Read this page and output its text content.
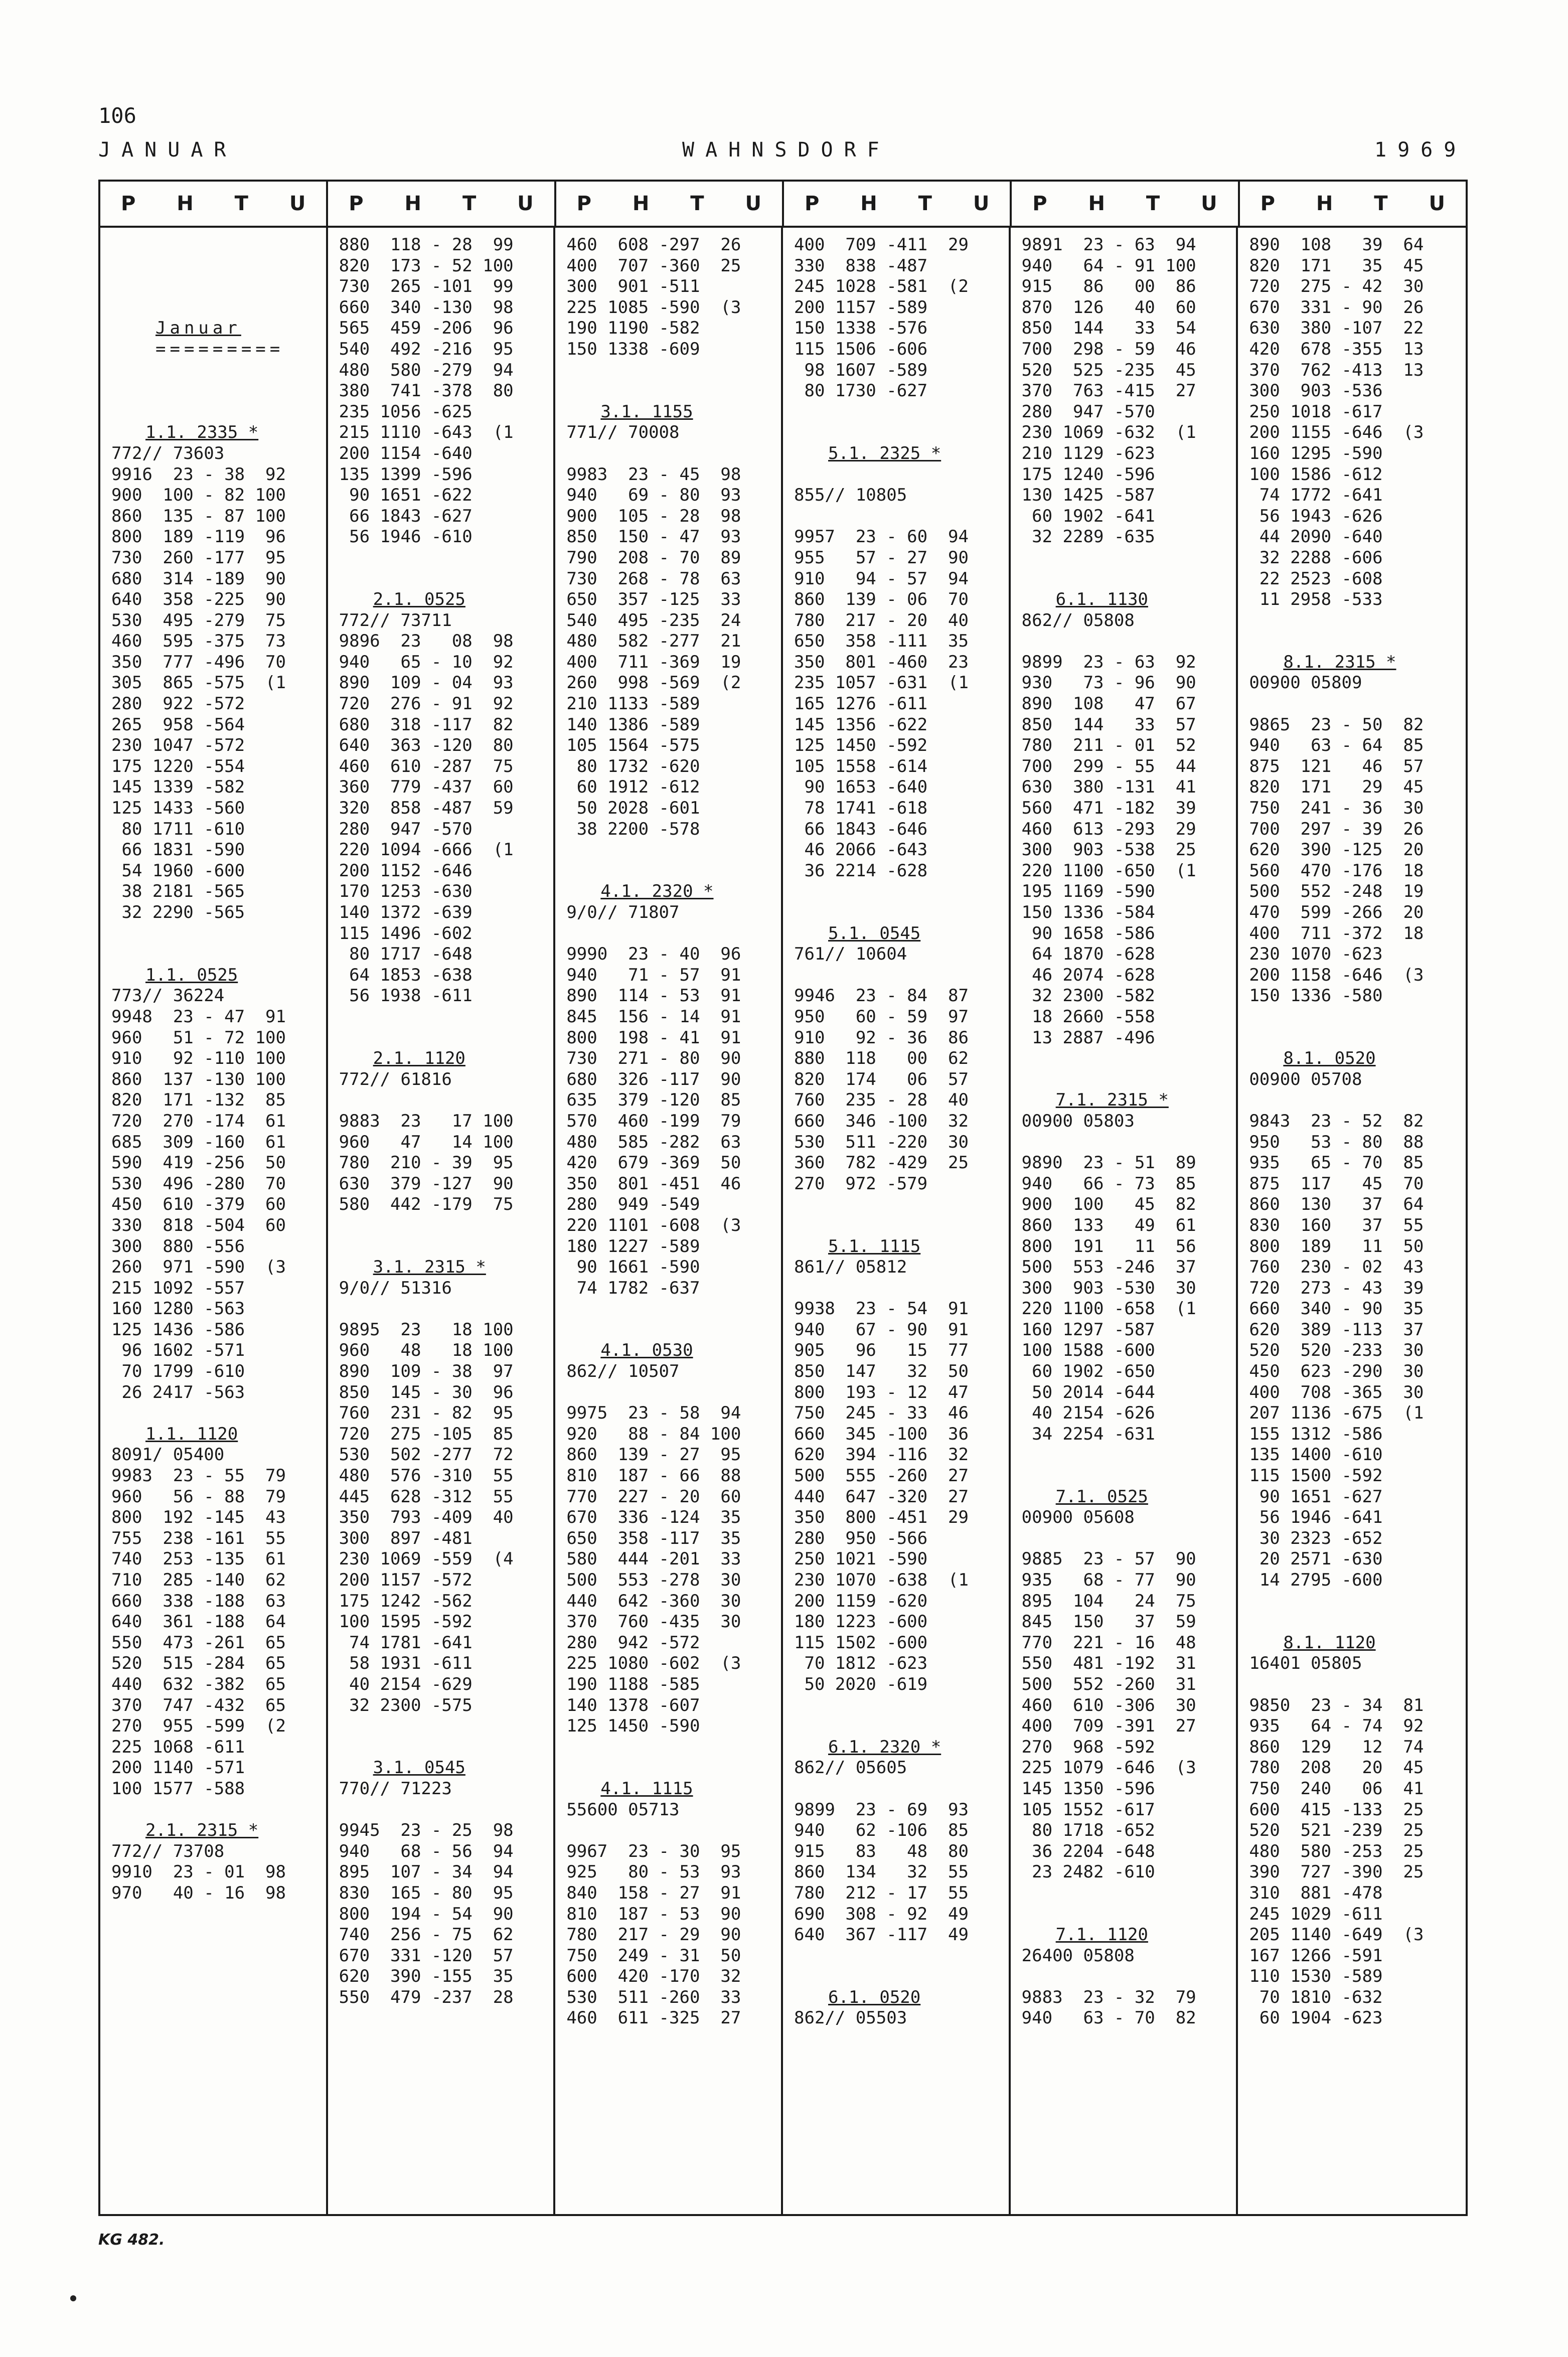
106
JANUAR	WAHNSDORF	1969
P H T U P H T U P H T U P H T U P H T U P H T U
Januar
=========
1.1. 2335 *
772// 73603
9916  23 - 38  92
900  100 - 82 100
860  135 - 87 100
800  189 -119  96
730  260 -177  95
680  314 -189  90
640  358 -225  90
530  495 -279  75
460  595 -375  73
350  777 -496  70
305  865 -575  (1
280  922 -572
265  958 -564
230 1047 -572
175 1220 -554
145 1339 -582
125 1433 -560
80 1711 -610
66 1831 -590
54 1960 -600
38 2181 -565
32 2290 -565
1.1. 0525
773// 36224
9948  23 - 47  91
960   51 - 72 100
910   92 -110 100
860  137 -130 100
820  171 -132  85
720  270 -174  61
685  309 -160  61
590  419 -256  50
530  496 -280  70
450  610 -379  60
330  818 -504  60
300  880 -556
260  971 -590  (3
215 1092 -557
160 1280 -563
125 1436 -586
96 1602 -571
70 1799 -610
26 2417 -563
1.1. 1120
8091/ 05400
9983  23 - 55  79
960   56 - 88  79
800  192 -145  43
755  238 -161  55
740  253 -135  61
710  285 -140  62
660  338 -188  63
640  361 -188  64
550  473 -261  65
520  515 -284  65
440  632 -382  65
370  747 -432  65
270  955 -599  (2
225 1068 -611
200 1140 -571
100 1577 -588
2.1. 2315 *
772// 73708
9910  23 - 01  98
970   40 - 16  98
880  118 - 28  99
820  173 - 52 100
730  265 -101  99
660  340 -130  98
565  459 -206  96
540  492 -216  95
480  580 -279  94
380  741 -378  80
235 1056 -625
215 1110 -643  (1
200 1154 -640
135 1399 -596
90 1651 -622
66 1843 -627
56 1946 -610
2.1. 0525
772// 73711
9896  23   08  98
940   65 - 10  92
890  109 - 04  93
720  276 - 91  92
680  318 -117  82
640  363 -120  80
460  610 -287  75
360  779 -437  60
320  858 -487  59
280  947 -570
220 1094 -666  (1
200 1152 -646
170 1253 -630
140 1372 -639
115 1496 -602
80 1717 -648
64 1853 -638
56 1938 -611
2.1. 1120
772// 61816
9883  23   17 100
960   47   14 100
780  210 - 39  95
630  379 -127  90
580  442 -179  75
3.1. 2315 *
9/0// 51316
9895  23   18 100
960   48   18 100
890  109 - 38  97
850  145 - 30  96
760  231 - 82  95
720  275 -105  85
530  502 -277  72
480  576 -310  55
445  628 -312  55
350  793 -409  40
300  897 -481
230 1069 -559  (4
200 1157 -572
175 1242 -562
100 1595 -592
74 1781 -641
58 1931 -611
40 2154 -629
32 2300 -575
3.1. 0545
770// 71223
9945  23 - 25  98
940   68 - 56  94
895  107 - 34  94
830  165 - 80  95
800  194 - 54  90
740  256 - 75  62
670  331 -120  57
620  390 -155  35
550  479 -237  28
460  608 -297  26
400  707 -360  25
300  901 -511
225 1085 -590  (3
190 1190 -582
150 1338 -609
3.1. 1155
771// 70008
9983  23 - 45  98
940   69 - 80  93
900  105 - 28  98
850  150 - 47  93
790  208 - 70  89
730  268 - 78  63
650  357 -125  33
540  495 -235  24
480  582 -277  21
400  711 -369  19
260  998 -569  (2
210 1133 -589
140 1386 -589
105 1564 -575
80 1732 -620
60 1912 -612
50 2028 -601
38 2200 -578
4.1. 2320 *
9/0// 71807
9990  23 - 40  96
940   71 - 57  91
890  114 - 53  91
845  156 - 14  91
800  198 - 41  91
730  271 - 80  90
680  326 -117  90
635  379 -120  85
570  460 -199  79
480  585 -282  63
420  679 -369  50
350  801 -451  46
280  949 -549
220 1101 -608  (3
180 1227 -589
90 1661 -590
74 1782 -637
4.1. 0530
862// 10507
9975  23 - 58  94
920   88 - 84 100
860  139 - 27  95
810  187 - 66  88
770  227 - 20  60
670  336 -124  35
650  358 -117  35
580  444 -201  33
500  553 -278  30
440  642 -360  30
370  760 -435  30
280  942 -572
225 1080 -602  (3
190 1188 -585
140 1378 -607
125 1450 -590
4.1. 1115
55600 05713
9967  23 - 30  95
925   80 - 53  93
840  158 - 27  91
810  187 - 53  90
780  217 - 29  90
750  249 - 31  50
600  420 -170  32
530  511 -260  33
460  611 -325  27
400  709 -411  29
330  838 -487
245 1028 -581  (2
200 1157 -589
150 1338 -576
115 1506 -606
98 1607 -589
80 1730 -627
5.1. 2325 *
855// 10805
9957  23 - 60  94
955   57 - 27  90
910   94 - 57  94
860  139 - 06  70
780  217 - 20  40
650  358 -111  35
350  801 -460  23
235 1057 -631  (1
165 1276 -611
145 1356 -622
125 1450 -592
105 1558 -614
90 1653 -640
78 1741 -618
66 1843 -646
46 2066 -643
36 2214 -628
5.1. 0545
761// 10604
9946  23 - 84  87
950   60 - 59  97
910   92 - 36  86
880  118   00  62
820  174   06  57
760  235 - 28  40
660  346 -100  32
530  511 -220  30
360  782 -429  25
270  972 -579
5.1. 1115
861// 05812
9938  23 - 54  91
940   67 - 90  91
905   96   15  77
850  147   32  50
800  193 - 12  47
750  245 - 33  46
660  345 -100  36
620  394 -116  32
500  555 -260  27
440  647 -320  27
350  800 -451  29
280  950 -566
250 1021 -590
230 1070 -638  (1
200 1159 -620
180 1223 -600
115 1502 -600
70 1812 -623
50 2020 -619
6.1. 2320 *
862// 05605
9899  23 - 69  93
940   62 -106  85
915   83   48  80
860  134   32  55
780  212 - 17  55
690  308 - 92  49
640  367 -117  49
6.1. 0520
862// 05503
9891  23 - 63  94
940   64 - 91 100
915   86   00  86
870  126   40  60
850  144   33  54
700  298 - 59  46
520  525 -235  45
370  763 -415  27
280  947 -570
230 1069 -632  (1
210 1129 -623
175 1240 -596
130 1425 -587
60 1902 -641
32 2289 -635
6.1. 1130
862// 05808
9899  23 - 63  92
930   73 - 96  90
890  108   47  67
850  144   33  57
780  211 - 01  52
700  299 - 55  44
630  380 -131  41
560  471 -182  39
460  613 -293  29
300  903 -538  25
220 1100 -650  (1
195 1169 -590
150 1336 -584
90 1658 -586
64 1870 -628
46 2074 -628
32 2300 -582
18 2660 -558
13 2887 -496
7.1. 2315 *
00900 05803
9890  23 - 51  89
940   66 - 73  85
900  100   45  82
860  133   49  61
800  191   11  56
500  553 -246  37
300  903 -530  30
220 1100 -658  (1
160 1297 -587
100 1588 -600
60 1902 -650
50 2014 -644
40 2154 -626
34 2254 -631
7.1. 0525
00900 05608
9885  23 - 57  90
935   68 - 77  90
895  104   24  75
845  150   37  59
770  221 - 16  48
550  481 -192  31
500  552 -260  31
460  610 -306  30
400  709 -391  27
270  968 -592
225 1079 -646  (3
145 1350 -596
105 1552 -617
80 1718 -652
36 2204 -648
23 2482 -610
7.1. 1120
26400 05808
9883  23 - 32  79
940   63 - 70  82
890  108   39  64
820  171   35  45
720  275 - 42  30
670  331 - 90  26
630  380 -107  22
420  678 -355  13
370  762 -413  13
300  903 -536
250 1018 -617
200 1155 -646  (3
160 1295 -590
100 1586 -612
74 1772 -641
56 1943 -626
44 2090 -640
32 2288 -606
22 2523 -608
11 2958 -533
8.1. 2315 *
00900 05809
9865  23 - 50  82
940   63 - 64  85
875  121   46  57
820  171   29  45
750  241 - 36  30
700  297 - 39  26
620  390 -125  20
560  470 -176  18
500  552 -248  19
470  599 -266  20
400  711 -372  18
230 1070 -623
200 1158 -646  (3
150 1336 -580
8.1. 0520
00900 05708
9843  23 - 52  82
950   53 - 80  88
935   65 - 70  85
875  117   45  70
860  130   37  64
830  160   37  55
800  189   11  50
760  230 - 02  43
720  273 - 43  39
660  340 - 90  35
620  389 -113  37
520  520 -233  30
450  623 -290  30
400  708 -365  30
207 1136 -675  (1
155 1312 -586
135 1400 -610
115 1500 -592
90 1651 -627
56 1946 -641
30 2323 -652
20 2571 -630
14 2795 -600
8.1. 1120
16401 05805
9850  23 - 34  81
935   64 - 74  92
860  129   12  74
780  208   20  45
750  240   06  41
600  415 -133  25
520  521 -239  25
480  580 -253  25
390  727 -390  25
310  881 -478
245 1029 -611
205 1140 -649  (3
167 1266 -591
110 1530 -589
70 1810 -632
60 1904 -623
KG 482.
